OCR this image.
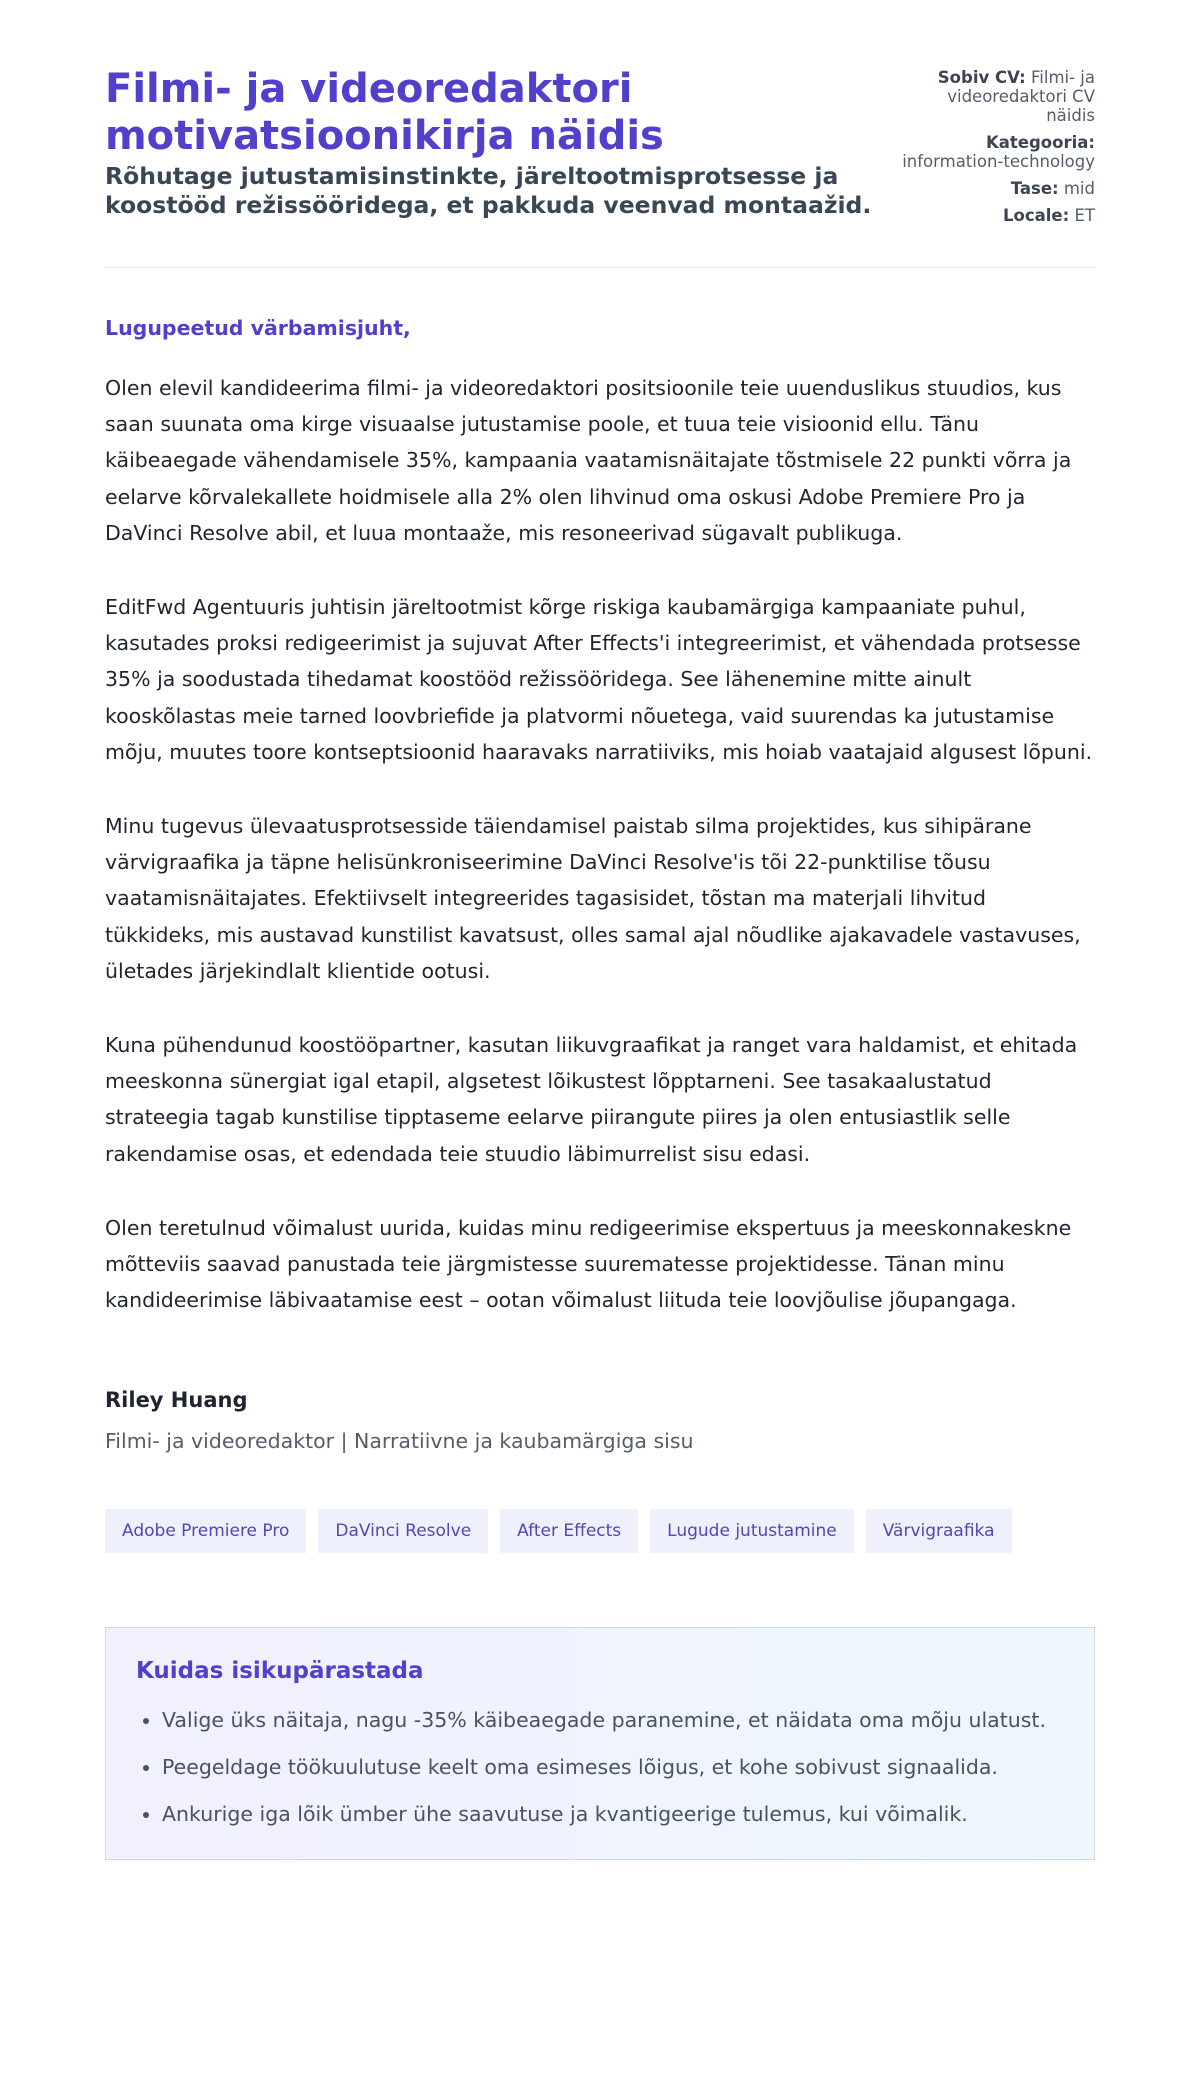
Filmi- ja videoredaktori motivatsioonikirja näidis
Rõhutage jutustamisinstinkte, järeltootmisprotsesse ja koostööd režissööridega, et pakkuda veenvad montaažid.
Sobiv CV: Filmi- ja videoredaktori CV näidis
Kategooria: information-technology
Tase: mid
Locale: ET

Lugupeetud värbamisjuht,

Olen elevil kandideerima filmi- ja videoredaktori positsioonile teie uuenduslikus stuudios, kus saan suunata oma kirge visuaalse jutustamise poole, et tuua teie visioonid ellu. Tänu käibeaegade vähendamisele 35%, kampaania vaatamisnäitajate tõstmisele 22 punkti võrra ja eelarve kõrvalekallete hoidmisele alla 2% olen lihvinud oma oskusi Adobe Premiere Pro ja DaVinci Resolve abil, et luua montaaže, mis resoneerivad sügavalt publikuga.

EditFwd Agentuuris juhtisin järeltootmist kõrge riskiga kaubamärgiga kampaaniate puhul, kasutades proksi redigeerimist ja sujuvat After Effects'i integreerimist, et vähendada protsesse 35% ja soodustada tihedamat koostööd režissööridega. See lähenemine mitte ainult kooskõlastas meie tarned loovbriefide ja platvormi nõuetega, vaid suurendas ka jutustamise mõju, muutes toore kontseptsioonid haaravaks narratiiviks, mis hoiab vaatajaid algusest lõpuni.

Minu tugevus ülevaatusprotsesside täiendamisel paistab silma projektides, kus sihipärane värvigraafika ja täpne helisünkroniseerimine DaVinci Resolve'is tõi 22-punktilise tõusu vaatamisnäitajates. Efektiivselt integreerides tagasisidet, tõstan ma materjali lihvitud tükkideks, mis austavad kunstilist kavatsust, olles samal ajal nõudlike ajakavadele vastavuses, ületades järjekindlalt klientide ootusi.

Kuna pühendunud koostööpartner, kasutan liikuvgraafikat ja ranget vara haldamist, et ehitada meeskonna sünergiat igal etapil, algsetest lõikustest lõpptarneni. See tasakaalustatud strateegia tagab kunstilise tipptaseme eelarve piirangute piires ja olen entusiastlik selle rakendamise osas, et edendada teie stuudio läbimurrelist sisu edasi.

Olen teretulnud võimalust uurida, kuidas minu redigeerimise ekspertuus ja meeskonnakeskne mõtteviis saavad panustada teie järgmistesse suurematesse projektidesse. Tänan minu kandideerimise läbivaatamise eest – ootan võimalust liituda teie loovjõulise jõupangaga.

Riley Huang

Filmi- ja videoredaktor | Narratiivne ja kaubamärgiga sisu

Adobe Premiere Pro	DaVinci Resolve	After Effects	Lugude jutustamine	Värvigraafika
Kuidas isikupärastada
• Valige üks näitaja, nagu -35% käibeaegade paranemine, et näidata oma mõju ulatust.
• Peegeldage töökuulutuse keelt oma esimeses lõigus, et kohe sobivust signaalida.
• Ankurige iga lõik ümber ühe saavutuse ja kvantigeerige tulemus, kui võimalik.
